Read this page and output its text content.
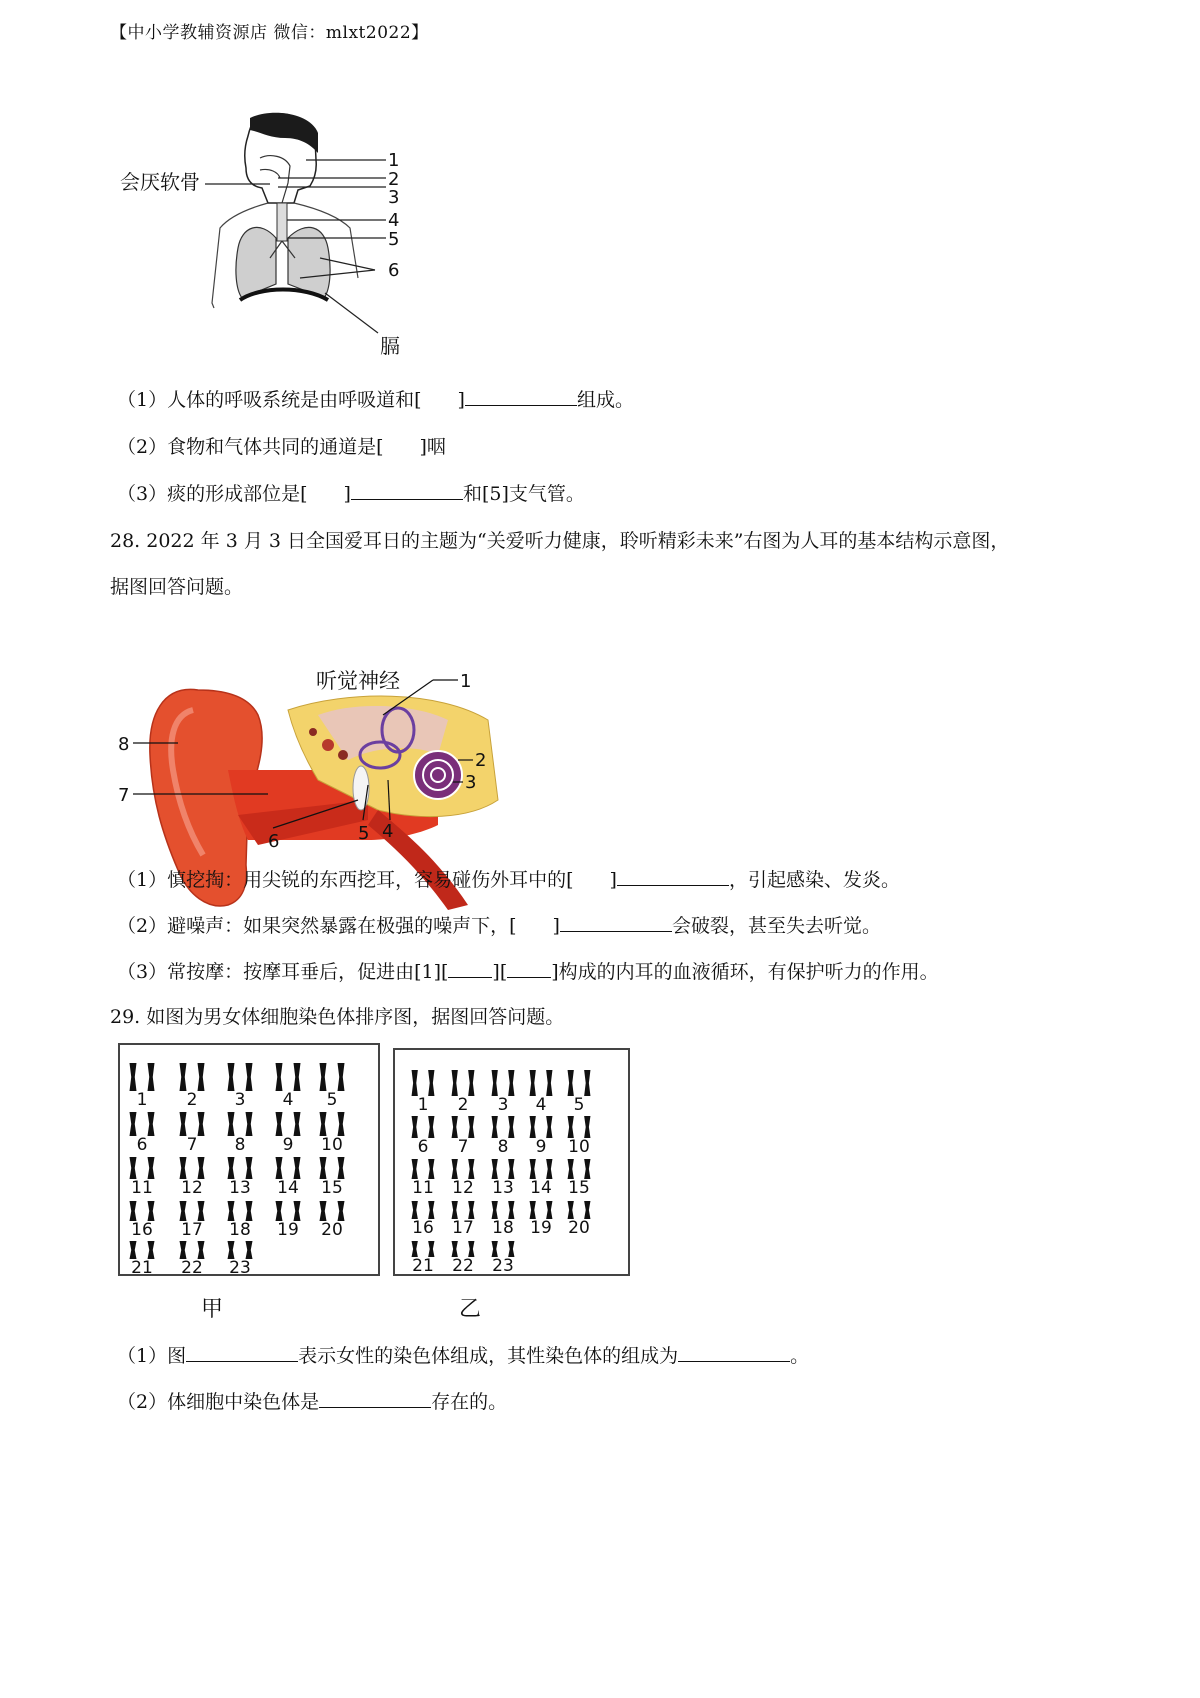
【中小学教辅资源店 微信：mlxt2022】
会厌软骨
1
2
3
4
5
6
膈
（1）人体的呼吸系统是由呼吸道和[ ]	组成。
（2）食物和气体共同的通道是[ ]咽
（3）痰的形成部位是[ ]	和[5]支气管。
28. 2022 年 3 月 3 日全国爱耳日的主题为“关爱听力健康，聆听精彩未来”右图为人耳的基本结构示意图，
据图回答问题。
听觉神经	1
2
3
4
5
6
7
8
（1）慎挖掏：用尖锐的东西挖耳，容易碰伤外耳中的[ ]	，引起感染、发炎。
（2）避噪声：如果突然暴露在极强的噪声下，[ ]	会破裂，甚至失去听觉。
（3）常按摩：按摩耳垂后，促进由[1][ ][ ]构成的内耳的血液循环，有保护听力的作用。
29. 如图为男女体细胞染色体排序图，据图回答问题。
1 2 3 4 5
6 7 8 9 10
11 12 13 14 15
16 17 18 19 20
21 22 23
1 2 3 4 5
6 7 8 9 10
11 12 13 14 15
16 17 18 19 20
21 22 23
甲	乙
（1）图	表示女性的染色体组成，其性染色体的组成为	。
（2）体细胞中染色体是	存在的。
